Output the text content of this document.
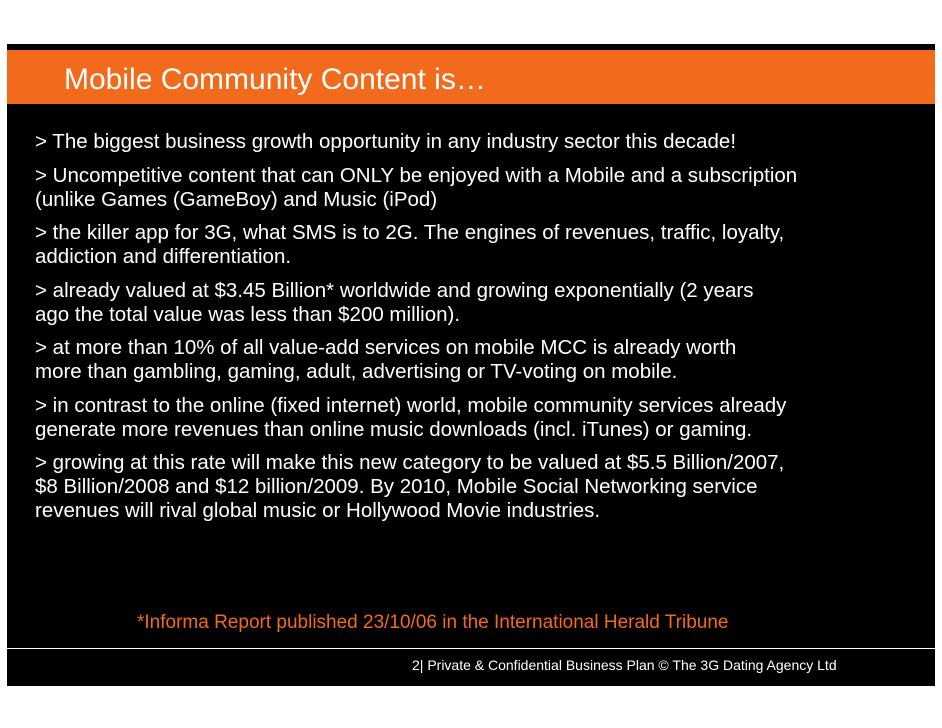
Mobile Community Content is…
> The biggest business growth opportunity in any industry sector this decade!
> Uncompetitive content that can ONLY be enjoyed with a Mobile and a subscription
(unlike Games (GameBoy) and Music (iPod)
> the killer app for 3G, what SMS is to 2G. The engines of revenues, traffic, loyalty,
addiction and differentiation.
> already valued at $3.45 Billion* worldwide and growing exponentially (2 years
ago the total value was less than $200 million).
> at more than 10% of all value-add services on mobile MCC is already worth
more than gambling, gaming, adult, advertising or TV-voting on mobile.
> in contrast to the online (fixed internet) world, mobile community services already
generate more revenues than online music downloads (incl. iTunes) or gaming.
> growing at this rate will make this new category to be valued at $5.5 Billion/2007,
$8 Billion/2008 and $12 billion/2009. By 2010, Mobile Social Networking service
revenues will rival global music or Hollywood Movie industries.
*Informa Report published 23/10/06 in the International Herald Tribune
2| Private & Confidential Business Plan © The 3G Dating Agency Ltd
